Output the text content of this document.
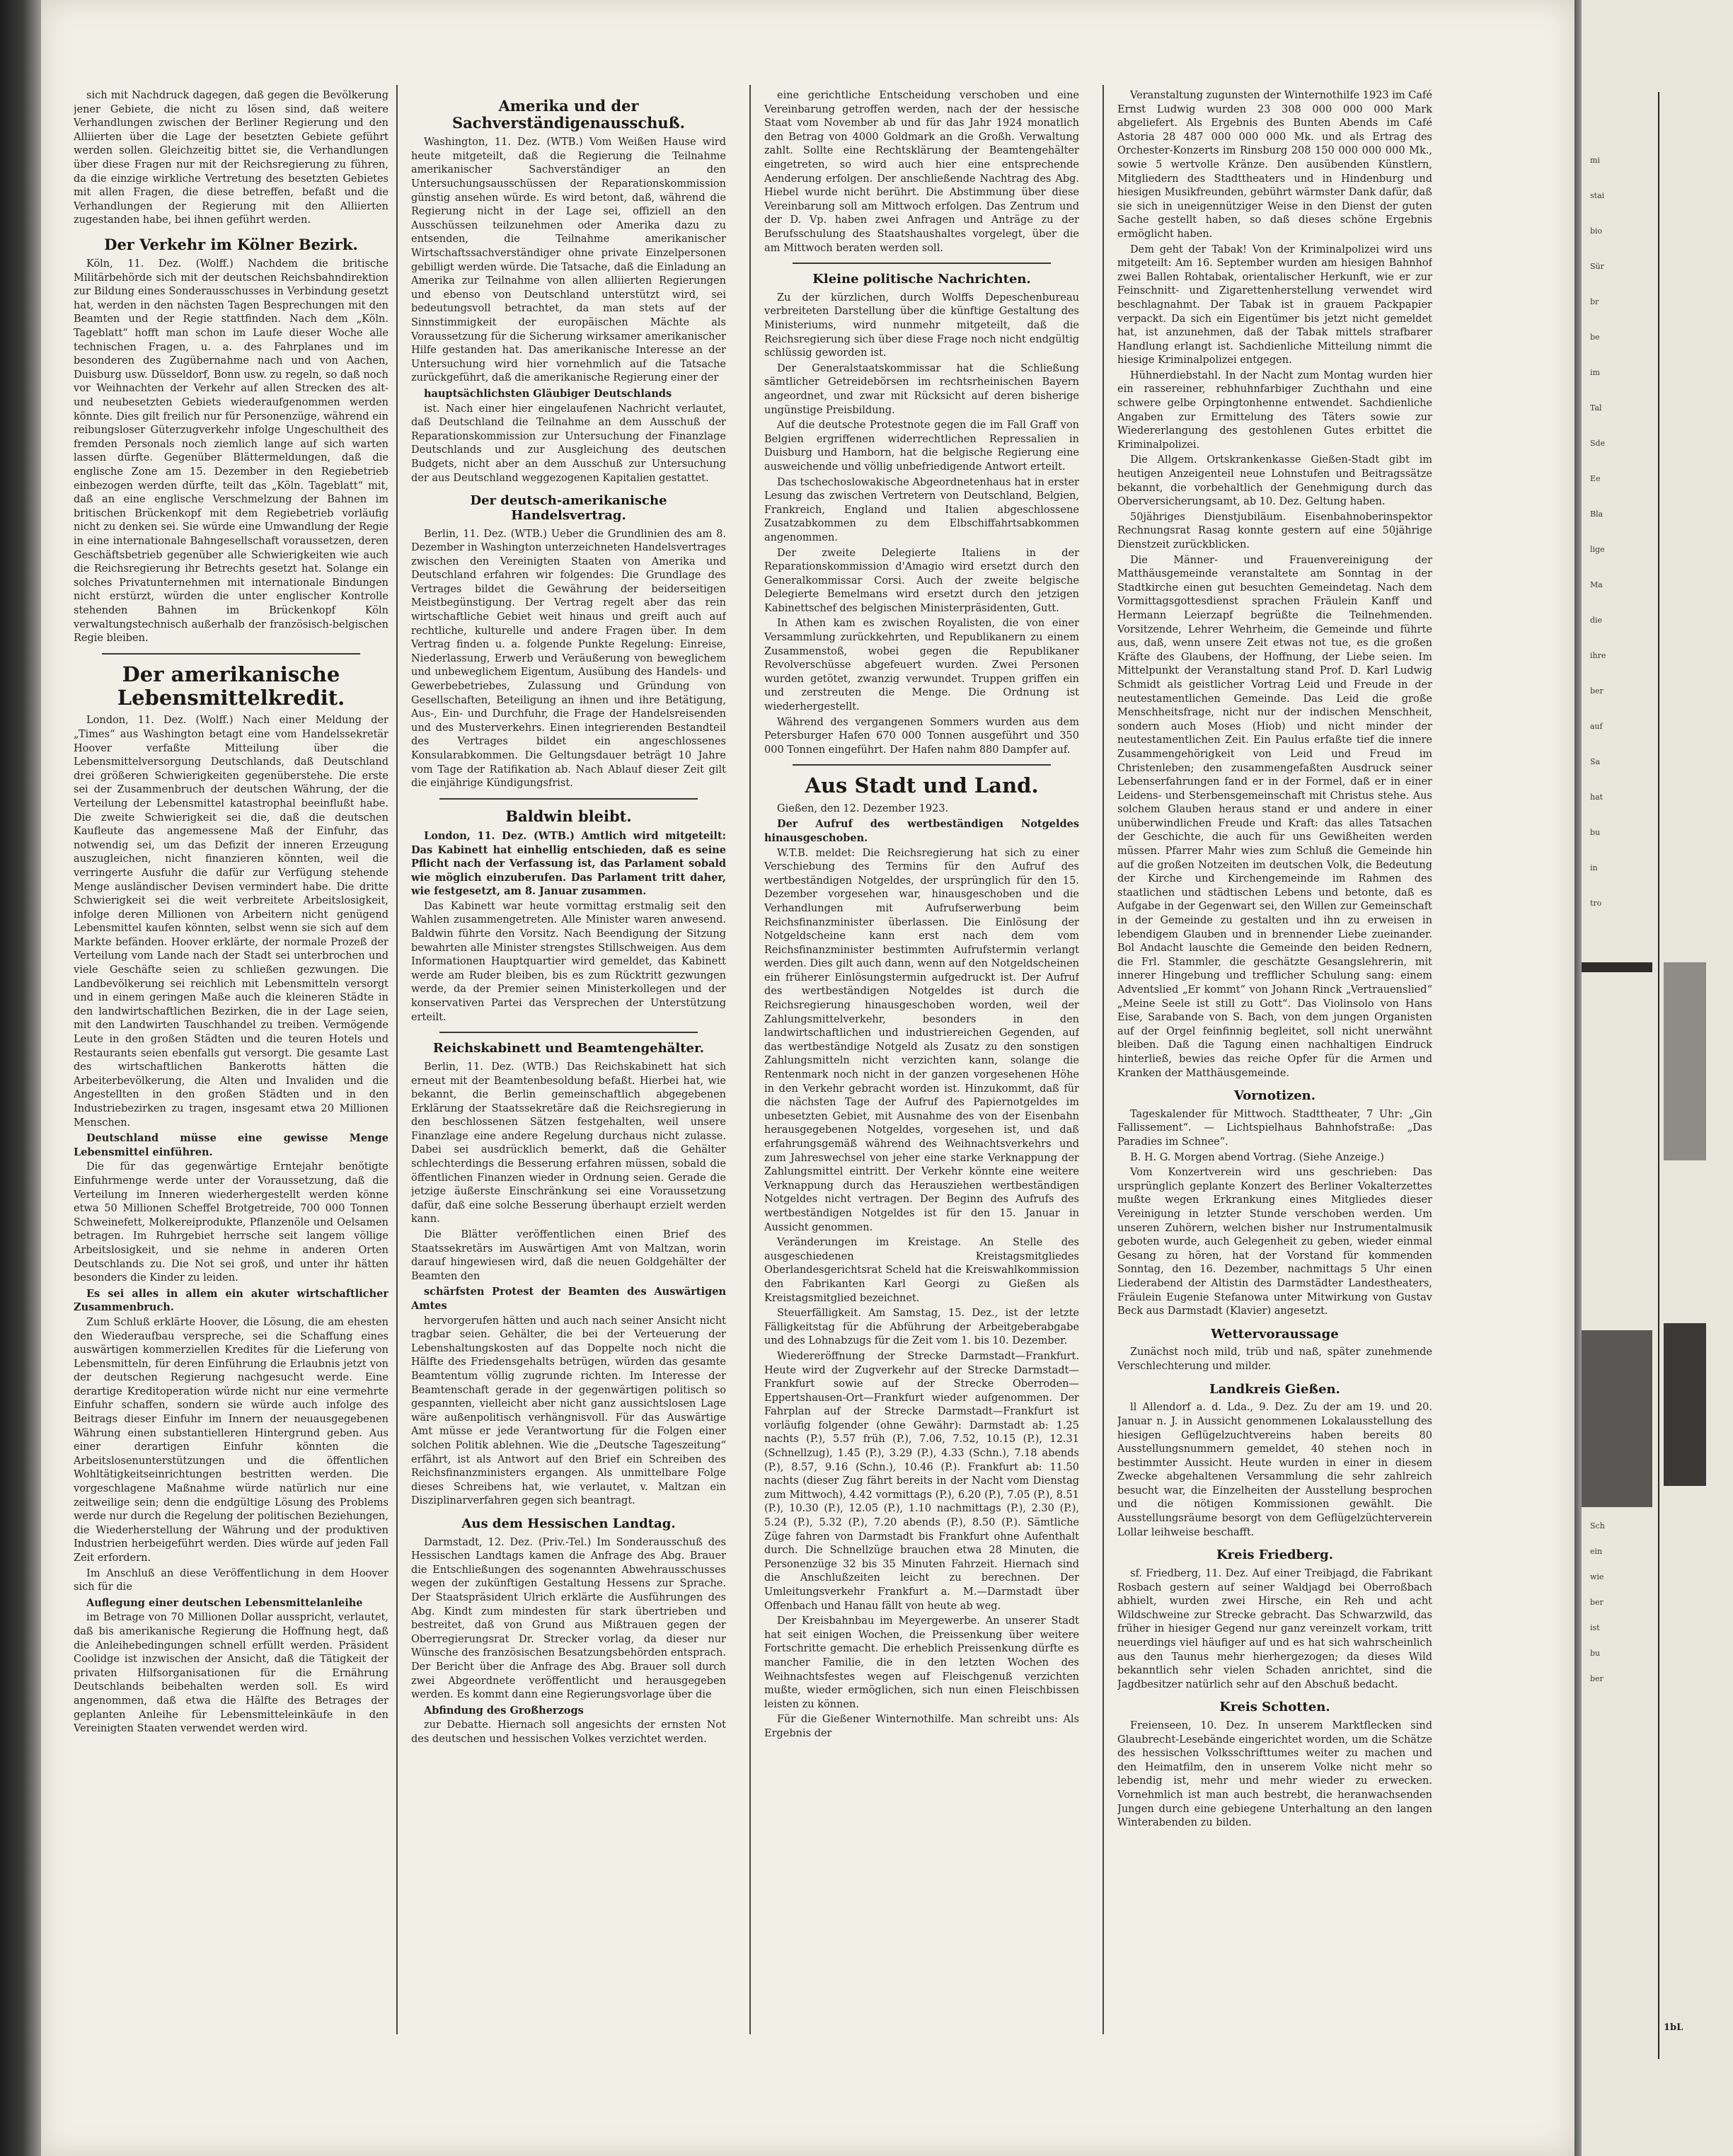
sich mit Nachdruck dagegen, daß gegen die Bevölkerung jener Gebiete, die nicht zu lösen sind, daß weitere Verhandlungen zwischen der Berliner Regierung und den Alliierten über die Lage der besetzten Gebiete geführt werden sollen. Gleichzeitig bittet sie, die Verhandlungen über diese Fragen nur mit der Reichsregierung zu führen, da die einzige wirkliche Vertretung des besetzten Gebietes mit allen Fragen, die diese betreffen, befaßt und die Verhandlungen der Regierung mit den Alliierten zugestanden habe, bei ihnen geführt werden.

Der Verkehr im Kölner Bezirk.

Köln, 11. Dez. (Wolff.) Nachdem die britische Militärbehörde sich mit der deutschen Reichsbahndirektion zur Bildung eines Sonderausschusses in Verbindung gesetzt hat, werden in den nächsten Tagen Besprechungen mit den Beamten und der Regie stattfinden. Nach dem „Köln. Tageblatt“ hofft man schon im Laufe dieser Woche alle technischen Fragen, u. a. des Fahrplanes und im besonderen des Zugübernahme nach und von Aachen, Duisburg usw. Düsseldorf, Bonn usw. zu regeln, so daß noch vor Weihnachten der Verkehr auf allen Strecken des alt- und neubesetzten Gebiets wiederaufgenommen werden könnte. Dies gilt freilich nur für Personenzüge, während ein reibungsloser Güterzugverkehr infolge Ungeschultheit des fremden Personals noch ziemlich lange auf sich warten lassen dürfte. Gegenüber Blättermeldungen, daß die englische Zone am 15. Dezember in den Regiebetrieb einbezogen werden dürfte, teilt das „Köln. Tageblatt“ mit, daß an eine englische Verschmelzung der Bahnen im britischen Brückenkopf mit dem Regiebetrieb vorläufig nicht zu denken sei. Sie würde eine Umwandlung der Regie in eine internationale Bahngesellschaft voraussetzen, deren Geschäftsbetrieb gegenüber alle Schwierigkeiten wie auch die Reichsregierung ihr Betrechts gesetzt hat. Solange ein solches Privatunternehmen mit internationale Bindungen nicht erstürzt, würden die unter englischer Kontrolle stehenden Bahnen im Brückenkopf Köln verwaltungstechnisch außerhalb der französisch-belgischen Regie bleiben.

Der amerikanische Lebensmittelkredit.

London, 11. Dez. (Wolff.) Nach einer Meldung der „Times“ aus Washington betagt eine vom Handelssekretär Hoover verfaßte Mitteilung über die Lebensmittelversorgung Deutschlands, daß Deutschland drei größeren Schwierigkeiten gegenüberstehe. Die erste sei der Zusammenbruch der deutschen Währung, der die Verteilung der Lebensmittel katastrophal beeinflußt habe. Die zweite Schwierigkeit sei die, daß die deutschen Kaufleute das angemessene Maß der Einfuhr, das notwendig sei, um das Defizit der inneren Erzeugung auszugleichen, nicht finanzieren könnten, weil die verringerte Ausfuhr die dafür zur Verfügung stehende Menge ausländischer Devisen vermindert habe. Die dritte Schwierigkeit sei die weit verbreitete Arbeitslosigkeit, infolge deren Millionen von Arbeitern nicht genügend Lebensmittel kaufen könnten, selbst wenn sie sich auf dem Markte befänden. Hoover erklärte, der normale Prozeß der Verteilung vom Lande nach der Stadt sei unterbrochen und viele Geschäfte seien zu schließen gezwungen. Die Landbevölkerung sei reichlich mit Lebensmitteln versorgt und in einem geringen Maße auch die kleineren Städte in den landwirtschaftlichen Bezirken, die in der Lage seien, mit den Landwirten Tauschhandel zu treiben. Vermögende Leute in den großen Städten und die teuren Hotels und Restaurants seien ebenfalls gut versorgt. Die gesamte Last des wirtschaftlichen Bankerotts hätten die Arbeiterbevölkerung, die Alten und Invaliden und die Angestellten in den großen Städten und in den Industriebezirken zu tragen, insgesamt etwa 20 Millionen Menschen.

Deutschland müsse eine gewisse Menge Lebensmittel einführen.

Die für das gegenwärtige Erntejahr benötigte Einfuhrmenge werde unter der Voraussetzung, daß die Verteilung im Inneren wiederhergestellt werden könne etwa 50 Millionen Scheffel Brotgetreide, 700 000 Tonnen Schweinefett, Molkereiprodukte, Pflanzenöle und Oelsamen betragen. Im Ruhrgebiet herrsche seit langem völlige Arbeitslosigkeit, und sie nehme in anderen Orten Deutschlands zu. Die Not sei groß, und unter ihr hätten besonders die Kinder zu leiden.

Es sei alles in allem ein akuter wirtschaftlicher Zusammenbruch.

Zum Schluß erklärte Hoover, die Lösung, die am ehesten den Wiederaufbau verspreche, sei die Schaffung eines auswärtigen kommerziellen Kredites für die Lieferung von Lebensmitteln, für deren Einführung die Erlaubnis jetzt von der deutschen Regierung nachgesucht werde. Eine derartige Kreditoperation würde nicht nur eine vermehrte Einfuhr schaffen, sondern sie würde auch infolge des Beitrags dieser Einfuhr im Innern der neuausgegebenen Währung einen substantielleren Hintergrund geben. Aus einer derartigen Einfuhr könnten die Arbeitslosenunterstützungen und die öffentlichen Wohltätigkeitseinrichtungen bestritten werden. Die vorgeschlagene Maßnahme würde natürlich nur eine zeitweilige sein; denn die endgültige Lösung des Problems werde nur durch die Regelung der politischen Beziehungen, die Wiederherstellung der Währung und der produktiven Industrien herbeigeführt werden. Dies würde auf jeden Fall Zeit erfordern.

Im Anschluß an diese Veröffentlichung in dem Hoover sich für die

Auflegung einer deutschen Lebensmittelanleihe

im Betrage von 70 Millionen Dollar ausspricht, verlautet, daß bis amerikanische Regierung die Hoffnung hegt, daß die Anleihebedingungen schnell erfüllt werden. Präsident Coolidge ist inzwischen der Ansicht, daß die Tätigkeit der privaten Hilfsorganisationen für die Ernährung Deutschlands beibehalten werden soll. Es wird angenommen, daß etwa die Hälfte des Betrages der geplanten Anleihe für Lebensmitteleinkäufe in den Vereinigten Staaten verwendet werden wird.

Amerika und der Sachverständigenausschuß.

Washington, 11. Dez. (WTB.) Vom Weißen Hause wird heute mitgeteilt, daß die Regierung die Teilnahme amerikanischer Sachverständiger an den Untersuchungsausschüssen der Reparationskommission günstig ansehen würde. Es wird betont, daß, während die Regierung nicht in der Lage sei, offiziell an den Ausschüssen teilzunehmen oder Amerika dazu zu entsenden, die Teilnahme amerikanischer Wirtschaftssachverständiger ohne private Einzelpersonen gebilligt werden würde. Die Tatsache, daß die Einladung an Amerika zur Teilnahme von allen alliierten Regierungen und ebenso von Deutschland unterstützt wird, sei bedeutungsvoll betrachtet, da man stets auf der Sinnstimmigkeit der europäischen Mächte als Voraussetzung für die Sicherung wirksamer amerikanischer Hilfe gestanden hat. Das amerikanische Interesse an der Untersuchung wird hier vornehmlich auf die Tatsache zurückgeführt, daß die amerikanische Regierung einer der

hauptsächlichsten Gläubiger Deutschlands

ist. Nach einer hier eingelaufenen Nachricht verlautet, daß Deutschland die Teilnahme an dem Ausschuß der Reparationskommission zur Untersuchung der Finanzlage Deutschlands und zur Ausgleichung des deutschen Budgets, nicht aber an dem Ausschuß zur Untersuchung der aus Deutschland weggezogenen Kapitalien gestattet.

Der deutsch-amerikanische Handelsvertrag.

Berlin, 11. Dez. (WTB.) Ueber die Grundlinien des am 8. Dezember in Washington unterzeichneten Handelsvertrages zwischen den Vereinigten Staaten von Amerika und Deutschland erfahren wir folgendes: Die Grundlage des Vertrages bildet die Gewährung der beiderseitigen Meistbegünstigung. Der Vertrag regelt aber das rein wirtschaftliche Gebiet weit hinaus und greift auch auf rechtliche, kulturelle und andere Fragen über. In dem Vertrag finden u. a. folgende Punkte Regelung: Einreise, Niederlassung, Erwerb und Veräußerung von beweglichem und unbeweglichem Eigentum, Ausübung des Handels- und Gewerbebetriebes, Zulassung und Gründung von Gesellschaften, Beteiligung an ihnen und ihre Betätigung, Aus-, Ein- und Durchfuhr, die Frage der Handelsreisenden und des Musterverkehrs. Einen integrierenden Bestandteil des Vertrages bildet ein angeschlossenes Konsularabkommen. Die Geltungsdauer beträgt 10 Jahre vom Tage der Ratifikation ab. Nach Ablauf dieser Zeit gilt die einjährige Kündigungsfrist.

Baldwin bleibt.

London, 11. Dez. (WTB.) Amtlich wird mitgeteilt: Das Kabinett hat einhellig entschieden, daß es seine Pflicht nach der Verfassung ist, das Parlament sobald wie möglich einzuberufen. Das Parlament tritt daher, wie festgesetzt, am 8. Januar zusammen.

Das Kabinett war heute vormittag erstmalig seit den Wahlen zusammengetreten. Alle Minister waren anwesend. Baldwin führte den Vorsitz. Nach Beendigung der Sitzung bewahrten alle Minister strengstes Stillschweigen. Aus dem Informationen Hauptquartier wird gemeldet, das Kabinett werde am Ruder bleiben, bis es zum Rücktritt gezwungen werde, da der Premier seinen Ministerkollegen und der konservativen Partei das Versprechen der Unterstützung erteilt.

Reichskabinett und Beamtengehälter.

Berlin, 11. Dez. (WTB.) Das Reichskabinett hat sich erneut mit der Beamtenbesoldung befaßt. Hierbei hat, wie bekannt, die Berlin gemeinschaftlich abgegebenen Erklärung der Staatssekretäre daß die Reichsregierung in den beschlossenen Sätzen festgehalten, weil unsere Finanzlage eine andere Regelung durchaus nicht zulasse. Dabei sei ausdrücklich bemerkt, daß die Gehälter schlechterdings die Besserung erfahren müssen, sobald die öffentlichen Finanzen wieder in Ordnung seien. Gerade die jetzige äußerste Einschränkung sei eine Voraussetzung dafür, daß eine solche Besserung überhaupt erzielt werden kann.

Die Blätter veröffentlichen einen Brief des Staatssekretärs im Auswärtigen Amt von Maltzan, worin darauf hingewiesen wird, daß die neuen Goldgehälter der Beamten den

schärfsten Protest der Beamten des Auswärtigen Amtes

hervorgerufen hätten und auch nach seiner Ansicht nicht tragbar seien. Gehälter, die bei der Verteuerung der Lebenshaltungskosten auf das Doppelte noch nicht die Hälfte des Friedensgehalts betrügen, würden das gesamte Beamtentum völlig zugrunde richten. Im Interesse der Beamtenschaft gerade in der gegenwärtigen politisch so gespannten, vielleicht aber nicht ganz aussichtslosen Lage wäre außenpolitisch verhängnisvoll. Für das Auswärtige Amt müsse er jede Verantwortung für die Folgen einer solchen Politik ablehnen. Wie die „Deutsche Tageszeitung“ erfährt, ist als Antwort auf den Brief ein Schreiben des Reichsfinanzministers ergangen. Als unmittelbare Folge dieses Schreibens hat, wie verlautet, v. Maltzan ein Disziplinarverfahren gegen sich beantragt.

Aus dem Hessischen Landtag.

Darmstadt, 12. Dez. (Priv.-Tel.) Im Sonderausschuß des Hessischen Landtags kamen die Anfrage des Abg. Brauer die Entschließungen des sogenannten Abwehrausschusses wegen der zukünftigen Gestaltung Hessens zur Sprache. Der Staatspräsident Ulrich erklärte die Ausführungen des Abg. Kindt zum mindesten für stark übertrieben und bestreitet, daß von Grund aus Mißtrauen gegen der Oberregierungsrat Dr. Strecker vorlag, da dieser nur Wünsche des französischen Besatzungsbehörden entsprach. Der Bericht über die Anfrage des Abg. Brauer soll durch zwei Abgeordnete veröffentlicht und herausgegeben werden. Es kommt dann eine Regierungsvorlage über die

Abfindung des Großherzogs

zur Debatte. Hiernach soll angesichts der ernsten Not des deutschen und hessischen Volkes verzichtet werden.

eine gerichtliche Entscheidung verschoben und eine Vereinbarung getroffen werden, nach der der hessische Staat vom November ab und für das Jahr 1924 monatlich den Betrag von 4000 Goldmark an die Großh. Verwaltung zahlt. Sollte eine Rechtsklärung der Beamtengehälter eingetreten, so wird auch hier eine entsprechende Aenderung erfolgen. Der anschließende Nachtrag des Abg. Hiebel wurde nicht berührt. Die Abstimmung über diese Vereinbarung soll am Mittwoch erfolgen. Das Zentrum und der D. Vp. haben zwei Anfragen und Anträge zu der Berufsschulung des Staatshaushaltes vorgelegt, über die am Mittwoch beraten werden soll.

Kleine politische Nachrichten.

Zu der kürzlichen, durch Wolffs Depeschenbureau verbreiteten Darstellung über die künftige Gestaltung des Ministeriums, wird nunmehr mitgeteilt, daß die Reichsregierung sich über diese Frage noch nicht endgültig schlüssig geworden ist.

Der Generalstaatskommissar hat die Schließung sämtlicher Getreidebörsen im rechtsrheinischen Bayern angeordnet, und zwar mit Rücksicht auf deren bisherige ungünstige Preisbildung.

Auf die deutsche Protestnote gegen die im Fall Graff von Belgien ergriffenen widerrechtlichen Repressalien in Duisburg und Hamborn, hat die belgische Regierung eine ausweichende und völlig unbefriedigende Antwort erteilt.

Das tschechoslowakische Abgeordnetenhaus hat in erster Lesung das zwischen Vertretern von Deutschland, Belgien, Frankreich, England und Italien abgeschlossene Zusatzabkommen zu dem Elbschiffahrtsabkommen angenommen.

Der zweite Delegierte Italiens in der Reparationskommission d'Amagio wird ersetzt durch den Generalkommissar Corsi. Auch der zweite belgische Delegierte Bemelmans wird ersetzt durch den jetzigen Kabinettschef des belgischen Ministerpräsidenten, Gutt.

In Athen kam es zwischen Royalisten, die von einer Versammlung zurückkehrten, und Republikanern zu einem Zusammenstoß, wobei gegen die Republikaner Revolverschüsse abgefeuert wurden. Zwei Personen wurden getötet, zwanzig verwundet. Truppen griffen ein und zerstreuten die Menge. Die Ordnung ist wiederhergestellt.

Während des vergangenen Sommers wurden aus dem Petersburger Hafen 670 000 Tonnen ausgeführt und 350 000 Tonnen eingeführt. Der Hafen nahm 880 Dampfer auf.

Aus Stadt und Land.

Gießen, den 12. Dezember 1923.

Der Aufruf des wertbeständigen Notgeldes hinausgeschoben.

W.T.B. meldet: Die Reichsregierung hat sich zu einer Verschiebung des Termins für den Aufruf des wertbeständigen Notgeldes, der ursprünglich für den 15. Dezember vorgesehen war, hinausgeschoben und die Verhandlungen mit Aufrufserwerbung beim Reichsfinanzminister überlassen. Die Einlösung der Notgeldscheine kann erst nach dem vom Reichsfinanzminister bestimmten Aufrufstermin verlangt werden. Dies gilt auch dann, wenn auf den Notgeldscheinen ein früherer Einlösungstermin aufgedruckt ist. Der Aufruf des wertbeständigen Notgeldes ist durch die Reichsregierung hinausgeschoben worden, weil der Zahlungsmittelverkehr, besonders in den landwirtschaftlichen und industriereichen Gegenden, auf das wertbeständige Notgeld als Zusatz zu den sonstigen Zahlungsmitteln nicht verzichten kann, solange die Rentenmark noch nicht in der ganzen vorgesehenen Höhe in den Verkehr gebracht worden ist. Hinzukommt, daß für die nächsten Tage der Aufruf des Papiernotgeldes im unbesetzten Gebiet, mit Ausnahme des von der Eisenbahn herausgegebenen Notgeldes, vorgesehen ist, und daß erfahrungsgemäß während des Weihnachtsverkehrs und zum Jahreswechsel von jeher eine starke Verknappung der Zahlungsmittel eintritt. Der Verkehr könnte eine weitere Verknappung durch das Herausziehen wertbeständigen Notgeldes nicht vertragen. Der Beginn des Aufrufs des wertbeständigen Notgeldes ist für den 15. Januar in Aussicht genommen.

Veränderungen im Kreistage. An Stelle des ausgeschiedenen Kreistagsmitgliedes Oberlandesgerichtsrat Scheld hat die Kreiswahlkommission den Fabrikanten Karl Georgi zu Gießen als Kreistagsmitglied bezeichnet.

Steuerfälligkeit. Am Samstag, 15. Dez., ist der letzte Fälligkeitstag für die Abführung der Arbeitgeberabgabe und des Lohnabzugs für die Zeit vom 1. bis 10. Dezember.

Wiedereröffnung der Strecke Darmstadt—Frankfurt. Heute wird der Zugverkehr auf der Strecke Darmstadt—Frankfurt sowie auf der Strecke Oberroden—Eppertshausen-Ort—Frankfurt wieder aufgenommen. Der Fahrplan auf der Strecke Darmstadt—Frankfurt ist vorläufig folgender (ohne Gewähr): Darmstadt ab: 1.25 nachts (P.), 5.57 früh (P.), 7.06, 7.52, 10.15 (P.), 12.31 (Schnellzug), 1.45 (P.), 3.29 (P.), 4.33 (Schn.), 7.18 abends (P.), 8.57, 9.16 (Schn.), 10.46 (P.). Frankfurt ab: 11.50 nachts (dieser Zug fährt bereits in der Nacht vom Dienstag zum Mittwoch), 4.42 vormittags (P.), 6.20 (P.), 7.05 (P.), 8.51 (P.), 10.30 (P.), 12.05 (P.), 1.10 nachmittags (P.), 2.30 (P.), 5.24 (P.), 5.32 (P.), 7.20 abends (P.), 8.50 (P.). Sämtliche Züge fahren von Darmstadt bis Frankfurt ohne Aufenthalt durch. Die Schnellzüge brauchen etwa 28 Minuten, die Personenzüge 32 bis 35 Minuten Fahrzeit. Hiernach sind die Anschlußzeiten leicht zu berechnen. Der Umleitungsverkehr Frankfurt a. M.—Darmstadt über Offenbach und Hanau fällt von heute ab weg.

Der Kreisbahnbau im Meyergewerbe. An unserer Stadt hat seit einigen Wochen, die Preissenkung über weitere Fortschritte gemacht. Die erheblich Preissenkung dürfte es mancher Familie, die in den letzten Wochen des Weihnachtsfestes wegen auf Fleischgenuß verzichten mußte, wieder ermöglichen, sich nun einen Fleischbissen leisten zu können.

Für die Gießener Winternothilfe. Man schreibt uns: Als Ergebnis der

Veranstaltung zugunsten der Winternothilfe 1923 im Café Ernst Ludwig wurden 23 308 000 000 000 Mark abgeliefert. Als Ergebnis des Bunten Abends im Café Astoria 28 487 000 000 000 Mk. und als Ertrag des Orchester-Konzerts im Rinsburg 208 150 000 000 000 Mk., sowie 5 wertvolle Kränze. Den ausübenden Künstlern, Mitgliedern des Stadttheaters und in Hindenburg und hiesigen Musikfreunden, gebührt wärmster Dank dafür, daß sie sich in uneigennütziger Weise in den Dienst der guten Sache gestellt haben, so daß dieses schöne Ergebnis ermöglicht haben.

Dem geht der Tabak! Von der Kriminalpolizei wird uns mitgeteilt: Am 16. September wurden am hiesigen Bahnhof zwei Ballen Rohtabak, orientalischer Herkunft, wie er zur Feinschnitt- und Zigarettenherstellung verwendet wird beschlagnahmt. Der Tabak ist in grauem Packpapier verpackt. Da sich ein Eigentümer bis jetzt nicht gemeldet hat, ist anzunehmen, daß der Tabak mittels strafbarer Handlung erlangt ist. Sachdienliche Mitteilung nimmt die hiesige Kriminalpolizei entgegen.

Hühnerdiebstahl. In der Nacht zum Montag wurden hier ein rassereiner, rebhuhnfarbiger Zuchthahn und eine schwere gelbe Orpingtonhenne entwendet. Sachdienliche Angaben zur Ermittelung des Täters sowie zur Wiedererlangung des gestohlenen Gutes erbittet die Kriminalpolizei.

Die Allgem. Ortskrankenkasse Gießen-Stadt gibt im heutigen Anzeigenteil neue Lohnstufen und Beitragssätze bekannt, die vorbehaltlich der Genehmigung durch das Oberversicherungsamt, ab 10. Dez. Geltung haben.

50jähriges Dienstjubiläum. Eisenbahnoberinspektor Rechnungsrat Rasag konnte gestern auf eine 50jährige Dienstzeit zurückblicken.

Die Männer- und Frauenvereinigung der Matthäusgemeinde veranstaltete am Sonntag in der Stadtkirche einen gut besuchten Gemeindetag. Nach dem Vormittagsgottesdienst sprachen Fräulein Kanff und Hermann Leierzapf begrüßte die Teilnehmenden. Vorsitzende, Lehrer Wehrheim, die Gemeinde und führte aus, daß, wenn unsere Zeit etwas not tue, es die großen Kräfte des Glaubens, der Hoffnung, der Liebe seien. Im Mittelpunkt der Veranstaltung stand Prof. D. Karl Ludwig Schmidt als geistlicher Vortrag Leid und Freude in der neutestamentlichen Gemeinde. Das Leid die große Menschheitsfrage, nicht nur der indischen Menschheit, sondern auch Moses (Hiob) und nicht minder der neutestamentlichen Zeit. Ein Paulus erfaßte tief die innere Zusammengehörigkeit von Leid und Freud im Christenleben; den zusammengefaßten Ausdruck seiner Lebenserfahrungen fand er in der Formel, daß er in einer Leidens- und Sterbensgemeinschaft mit Christus stehe. Aus solchem Glauben heraus stand er und andere in einer unüberwindlichen Freude und Kraft: das alles Tatsachen der Geschichte, die auch für uns Gewißheiten werden müssen. Pfarrer Mahr wies zum Schluß die Gemeinde hin auf die großen Notzeiten im deutschen Volk, die Bedeutung der Kirche und Kirchengemeinde im Rahmen des staatlichen und städtischen Lebens und betonte, daß es Aufgabe in der Gegenwart sei, den Willen zur Gemeinschaft in der Gemeinde zu gestalten und ihn zu erweisen in lebendigem Glauben und in brennender Liebe zueinander. Bol Andacht lauschte die Gemeinde den beiden Rednern, die Frl. Stammler, die geschätzte Gesangslehrerin, mit innerer Hingebung und trefflicher Schulung sang: einem Adventslied „Er kommt“ von Johann Rinck „Vertrauenslied“ „Meine Seele ist still zu Gott“. Das Violinsolo von Hans Eise, Sarabande von S. Bach, von dem jungen Organisten auf der Orgel feinfinnig begleitet, soll nicht unerwähnt bleiben. Daß die Tagung einen nachhaltigen Eindruck hinterließ, bewies das reiche Opfer für die Armen und Kranken der Matthäusgemeinde.

Vornotizen.

Tageskalender für Mittwoch. Stadttheater, 7 Uhr: „Gin Fallissement“. — Lichtspielhaus Bahnhofstraße: „Das Paradies im Schnee“.

B. H. G. Morgen abend Vortrag. (Siehe Anzeige.)

Vom Konzertverein wird uns geschrieben: Das ursprünglich geplante Konzert des Berliner Vokalterzettes mußte wegen Erkrankung eines Mitgliedes dieser Vereinigung in letzter Stunde verschoben werden. Um unseren Zuhörern, welchen bisher nur Instrumentalmusik geboten wurde, auch Gelegenheit zu geben, wieder einmal Gesang zu hören, hat der Vorstand für kommenden Sonntag, den 16. Dezember, nachmittags 5 Uhr einen Liederabend der Altistin des Darmstädter Landestheaters, Fräulein Eugenie Stefanowa unter Mitwirkung von Gustav Beck aus Darmstadt (Klavier) angesetzt.

Wettervoraussage

Zunächst noch mild, trüb und naß, später zunehmende Verschlechterung und milder.

Landkreis Gießen.

ll Allendorf a. d. Lda., 9. Dez. Zu der am 19. und 20. Januar n. J. in Aussicht genommenen Lokalausstellung des hiesigen Geflügelzuchtvereins haben bereits 80 Ausstellungsnummern gemeldet, 40 stehen noch in bestimmter Aussicht. Heute wurden in einer in diesem Zwecke abgehaltenen Versammlung die sehr zahlreich besucht war, die Einzelheiten der Ausstellung besprochen und die nötigen Kommissionen gewählt. Die Ausstellungsräume besorgt von dem Geflügelzüchterverein Lollar leihweise beschafft.

Kreis Friedberg.

sf. Friedberg, 11. Dez. Auf einer Treibjagd, die Fabrikant Rosbach gestern auf seiner Waldjagd bei Oberroßbach abhielt, wurden zwei Hirsche, ein Reh und acht Wildschweine zur Strecke gebracht. Das Schwarzwild, das früher in hiesiger Gegend nur ganz vereinzelt vorkam, tritt neuerdings viel häufiger auf und es hat sich wahrscheinlich aus den Taunus mehr hierhergezogen; da dieses Wild bekanntlich sehr vielen Schaden anrichtet, sind die Jagdbesitzer natürlich sehr auf den Abschuß bedacht.

Kreis Schotten.

Freienseen, 10. Dez. In unserem Marktflecken sind Glaubrecht-Lesebände eingerichtet worden, um die Schätze des hessischen Volksschrifttumes weiter zu machen und den Heimatfilm, den in unserem Volke nicht mehr so lebendig ist, mehr und mehr wieder zu erwecken. Vornehmlich ist man auch bestrebt, die heranwachsenden Jungen durch eine gebiegene Unterhaltung an den langen Winterabenden zu bilden.

mi
stai
bio
Sür
br
be
im
Tal
Sde
Ee
Bla
lige
Ma
die
ihre
ber
auf
Sa
hat
bu
in
tro
Sch
ein
wie
ber
ist
bu
ber
1bL
